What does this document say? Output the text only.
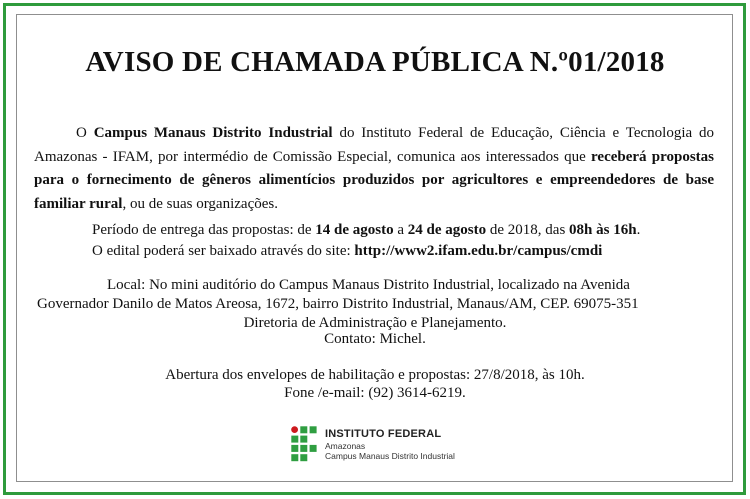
AVISO DE CHAMADA PÚBLICA N.º01/2018
O Campus Manaus Distrito Industrial do Instituto Federal de Educação, Ciência e Tecnologia do Amazonas - IFAM, por intermédio de Comissão Especial, comunica aos interessados que receberá propostas para o fornecimento de gêneros alimentícios produzidos por agricultores e empreendedores de base familiar rural, ou de suas organizações.
Período de entrega das propostas: de 14 de agosto a 24 de agosto de 2018, das 08h às 16h.
O edital poderá ser baixado através do site: http://www2.ifam.edu.br/campus/cmdi
Local: No mini auditório do Campus Manaus Distrito Industrial, localizado na Avenida
Governador Danilo de Matos Areosa, 1672, bairro Distrito Industrial, Manaus/AM, CEP. 69075-351
Diretoria de Administração e Planejamento.
Contato: Michel.
Abertura dos envelopes de habilitação e propostas: 27/8/2018, às 10h.
Fone /e-mail: (92) 3614-6219.
INSTITUTO FEDERAL
Amazonas
Campus Manaus Distrito Industrial
